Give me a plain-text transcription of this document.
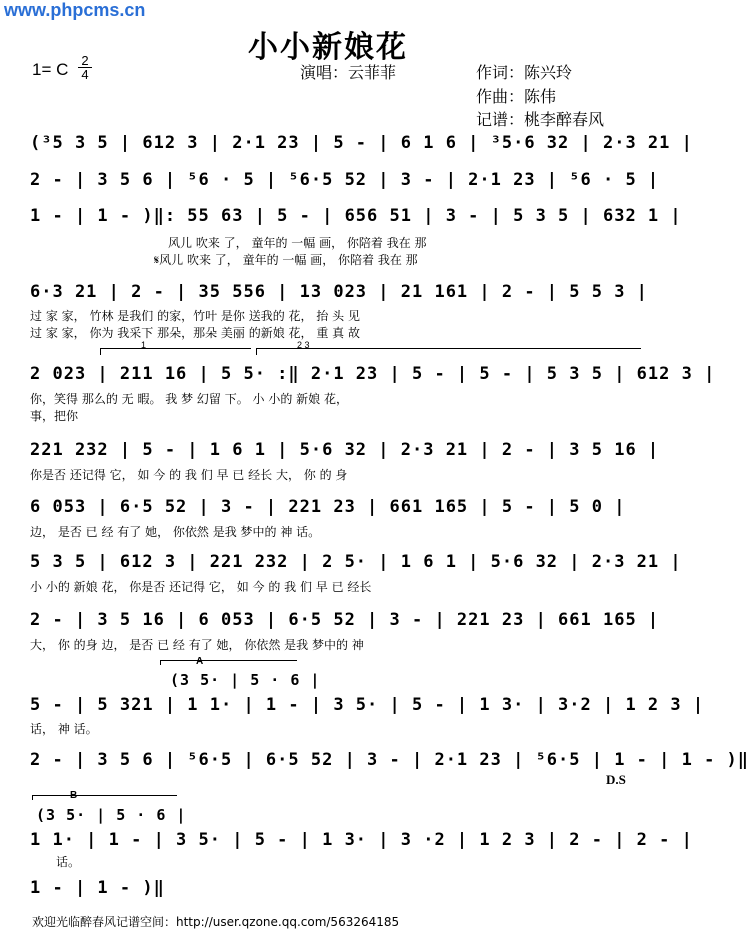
www.phpcms.cn
小小新娘花
1= C 2
4	演唱：云菲菲	作词：陈兴玲
作曲：陈伟
记谱：桃李醉春风
(³5 3 5 | 612 3 | 2·1 23 | 5 - | 6 1 6 | ³5·6 32 | 2·3 21 |
2 - | 3 5 6 | ⁵6 · 5 | ⁵6·5 52 | 3 - | 2·1 23 | ⁵6 · 5 |
1 - | 1 - )‖: 55 63 | 5 - | 656 51 | 3 - | 5 3 5 | 632 1 |
风儿 吹来 了， 童年的 一幅 画， 你陪着 我在 那
𝄋风儿 吹来 了， 童年的 一幅 画， 你陪着 我在 那
6·3 21 | 2 - | 35 556 | 13 023 | 21 161 | 2 - | 5 5 3 |
过 家 家， 竹林 是我们 的家，竹叶 是你 送我的 花， 抬 头 见
过 家 家， 你为 我采下 那朵，那朵 美丽 的新娘 花， 重 真 故
1	2 3
2 023 | 211 16 | 5 5· :‖ 2·1 23 | 5 - | 5 - | 5 3 5 | 612 3 |
你，笑得 那么的 无 暇。 我 梦 幻留 下。 小 小的 新娘 花，
事，把你
221 232 | 5 - | 1 6 1 | 5·6 32 | 2·3 21 | 2 - | 3 5 16 |
你是否 还记得 它， 如 今 的 我 们 早 已 经长 大， 你 的 身
6 053 | 6·5 52 | 3 - | 221 23 | 661 165 | 5 - | 5 0 |
边， 是否 已 经 有了 她， 你依然 是我 梦中的 神 话。
5 3 5 | 612 3 | 221 232 | 2 5· | 1 6 1 | 5·6 32 | 2·3 21 |
小 小的 新娘 花， 你是否 还记得 它， 如 今 的 我 们 早 已 经长
2 - | 3 5 16 | 6 053 | 6·5 52 | 3 - | 221 23 | 661 165 |
大， 你 的身 边， 是否 已 经 有了 她， 你依然 是我 梦中的 神
A
(3 5· | 5 · 6 |
5 - | 5 321 | 1 1· | 1 - | 3 5· | 5 - | 1 3· | 3·2 | 1 2 3 |
话， 神 话。
2 - | 3 5 6 | ⁵6·5 | 6·5 52 | 3 - | 2·1 23 | ⁵6·5 | 1 - | 1 - )‖
D.S
B
(3 5· | 5 · 6 |
1 1· | 1 - | 3 5· | 5 - | 1 3· | 3 ·2 | 1 2 3 | 2 - | 2 - |
话。
1 - | 1 - )‖
欢迎光临醉春风记谱空间：http://user.qzone.qq.com/563264185
